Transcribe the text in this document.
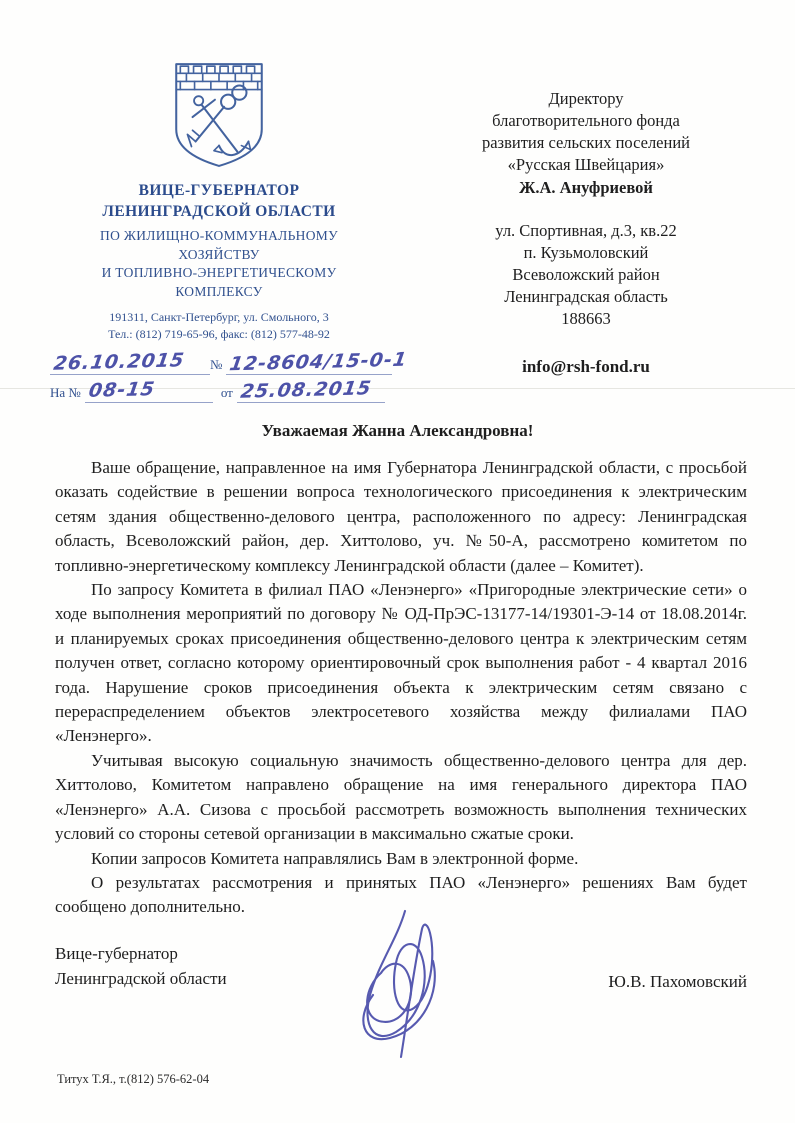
ВИЦЕ-ГУБЕРНАТОР
ЛЕНИНГРАДСКОЙ ОБЛАСТИ
ПО ЖИЛИЩНО-КОММУНАЛЬНОМУ
ХОЗЯЙСТВУ
И ТОПЛИВНО-ЭНЕРГЕТИЧЕСКОМУ
КОМПЛЕКСУ
191311, Санкт-Петербург, ул. Смольного, 3
Тел.: (812) 719-65-96, факс: (812) 577-48-92
26.10.2015	№ 12-8604/15-0-1
На № 08-15	от 25.08.2015
Директору
благотворительного фонда
развития сельских поселений
«Русская Швейцария»
Ж.А. Ануфриевой
ул. Спортивная, д.3, кв.22
п. Кузьмоловский
Всеволожский район
Ленинградская область
188663
info@rsh-fond.ru
Уважаемая Жанна Александровна!

Ваше обращение, направленное на имя Губернатора Ленинградской области, с просьбой оказать содействие в решении вопроса технологического присоединения к электрическим сетям здания общественно-делового центра, расположенного по адресу: Ленинградская область, Всеволожский район, дер. Хиттолово, уч. №50-А, рассмотрено комитетом по топливно-энергетическому комплексу Ленинградской области (далее – Комитет).

По запросу Комитета в филиал ПАО «Ленэнерго» «Пригородные электрические сети» о ходе выполнения мероприятий по договору № ОД-ПрЭС-13177-14/19301-Э-14 от 18.08.2014г. и планируемых сроках присоединения общественно-делового центра к электрическим сетям получен ответ, согласно которому ориентировочный срок выполнения работ - 4 квартал 2016 года. Нарушение сроков присоединения объекта к электрическим сетям связано с перераспределением объектов электросетевого хозяйства между филиалами ПАО «Ленэнерго».

Учитывая высокую социальную значимость общественно-делового центра для дер. Хиттолово, Комитетом направлено обращение на имя генерального директора ПАО «Ленэнерго» А.А. Сизова с просьбой рассмотреть возможность выполнения технических условий со стороны сетевой организации в максимально сжатые сроки.

Копии запросов Комитета направлялись Вам в электронной форме.

О результатах рассмотрения и принятых ПАО «Ленэнерго» решениях Вам будет сообщено дополнительно.

Вице-губернатор
Ленинградской области	Ю.В. Пахомовский
Титух Т.Я., т.(812) 576-62-04
